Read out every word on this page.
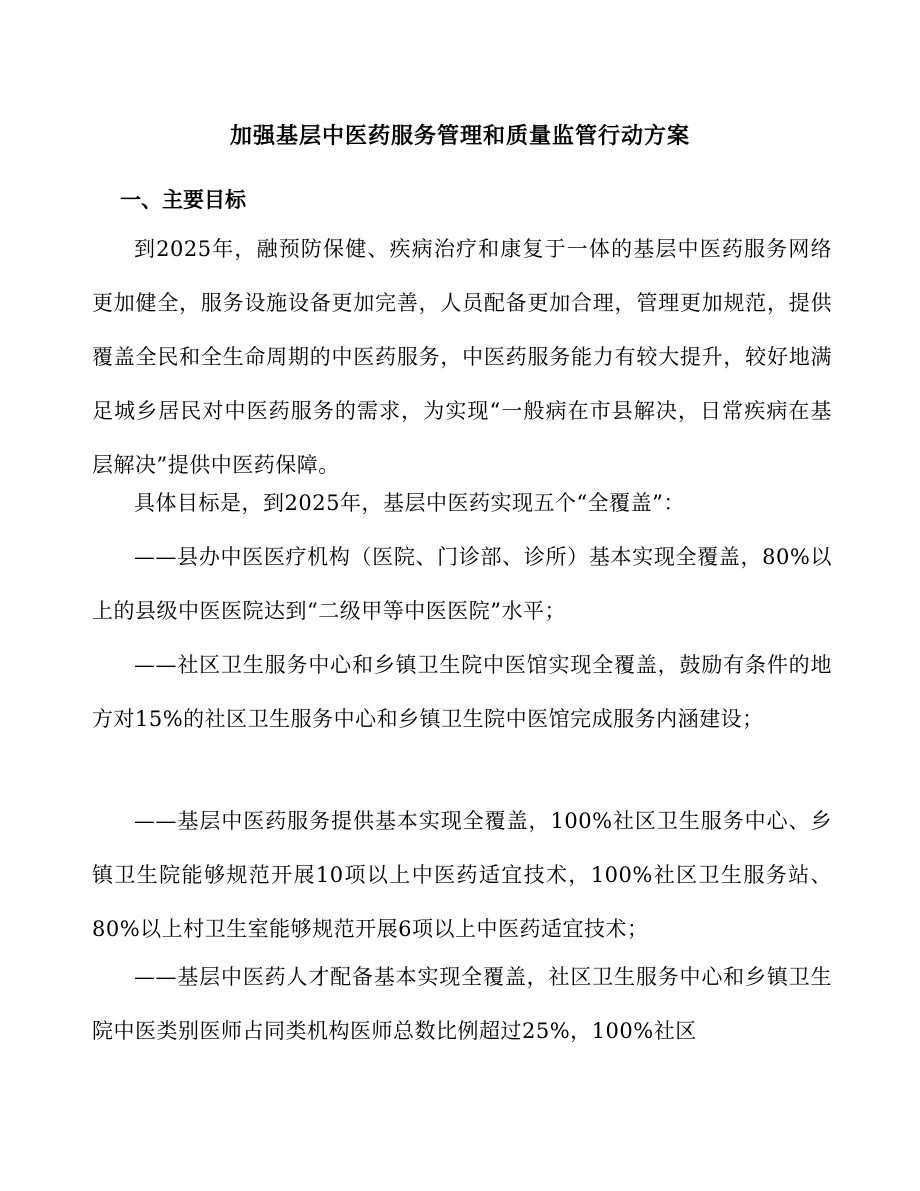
加强基层中医药服务管理和质量监管行动方案
一、主要目标

到2025年，融预防保健、疾病治疗和康复于一体的基层中医药服务网络更加健全，服务设施设备更加完善，人员配备更加合理，管理更加规范，提供覆盖全民和全生命周期的中医药服务，中医药服务能力有较大提升，较好地满足城乡居民对中医药服务的需求，为实现“一般病在市县解决，日常疾病在基层解决”提供中医药保障。

具体目标是，到2025年，基层中医药实现五个“全覆盖”：

——县办中医医疗机构（医院、门诊部、诊所）基本实现全覆盖，80%以上的县级中医医院达到“二级甲等中医医院”水平；

——社区卫生服务中心和乡镇卫生院中医馆实现全覆盖，鼓励有条件的地方对15%的社区卫生服务中心和乡镇卫生院中医馆完成服务内涵建设；

——基层中医药服务提供基本实现全覆盖，100%社区卫生服务中心、乡镇卫生院能够规范开展10项以上中医药适宜技术，100%社区卫生服务站、80%以上村卫生室能够规范开展6项以上中医药适宜技术；

——基层中医药人才配备基本实现全覆盖，社区卫生服务中心和乡镇卫生院中医类别医师占同类机构医师总数比例超过25%，100%社区
